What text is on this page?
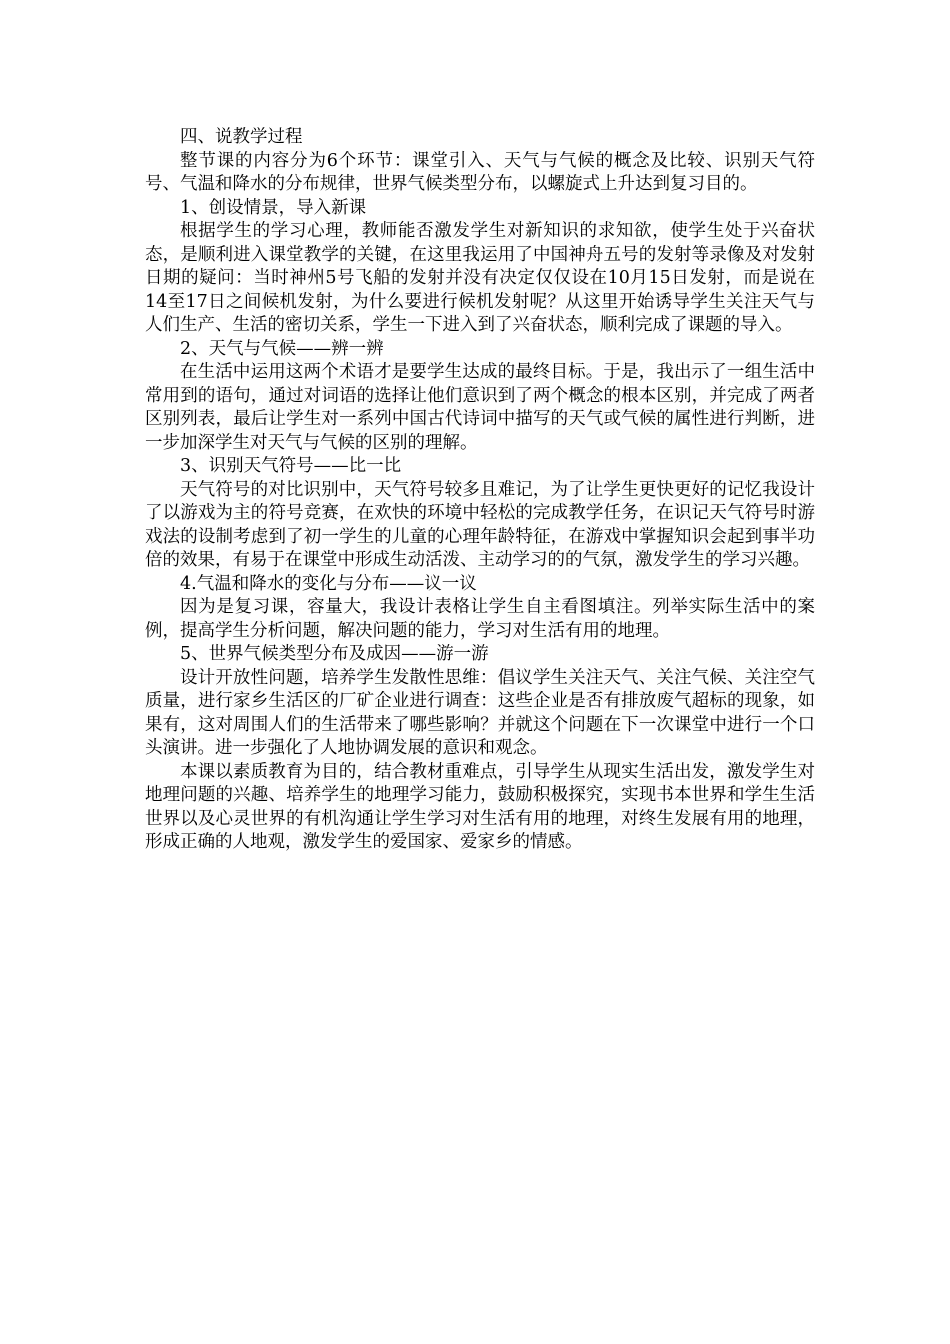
四、说教学过程

整节课的内容分为6个环节：课堂引入、天气与气候的概念及比较、识别天气符号、气温和降水的分布规律，世界气候类型分布，以螺旋式上升达到复习目的。

1、创设情景，导入新课

根据学生的学习心理，教师能否激发学生对新知识的求知欲，使学生处于兴奋状态，是顺利进入课堂教学的关键，在这里我运用了中国神舟五号的发射等录像及对发射日期的疑问：当时神州5号飞船的发射并没有决定仅仅设在10月15日发射，而是说在14至17日之间候机发射，为什么要进行候机发射呢？从这里开始诱导学生关注天气与人们生产、生活的密切关系，学生一下进入到了兴奋状态，顺利完成了课题的导入。

2、天气与气候——辨一辨

在生活中运用这两个术语才是要学生达成的最终目标。于是，我出示了一组生活中常用到的语句，通过对词语的选择让他们意识到了两个概念的根本区别，并完成了两者区别列表，最后让学生对一系列中国古代诗词中描写的天气或气候的属性进行判断，进一步加深学生对天气与气候的区别的理解。

3、识别天气符号——比一比

天气符号的对比识别中，天气符号较多且难记，为了让学生更快更好的记忆我设计了以游戏为主的符号竞赛，在欢快的环境中轻松的完成教学任务，在识记天气符号时游戏法的设制考虑到了初一学生的儿童的心理年龄特征，在游戏中掌握知识会起到事半功倍的效果，有易于在课堂中形成生动活泼、主动学习的的气氛，激发学生的学习兴趣。

4.气温和降水的变化与分布——议一议

因为是复习课，容量大，我设计表格让学生自主看图填注。列举实际生活中的案例，提高学生分析问题，解决问题的能力，学习对生活有用的地理。

5、世界气候类型分布及成因——游一游

设计开放性问题，培养学生发散性思维：倡议学生关注天气、关注气候、关注空气质量，进行家乡生活区的厂矿企业进行调查：这些企业是否有排放废气超标的现象，如果有，这对周围人们的生活带来了哪些影响？并就这个问题在下一次课堂中进行一个口头演讲。进一步强化了人地协调发展的意识和观念。

本课以素质教育为目的，结合教材重难点，引导学生从现实生活出发，激发学生对地理问题的兴趣、培养学生的地理学习能力，鼓励积极探究，实现书本世界和学生生活世界以及心灵世界的有机沟通让学生学习对生活有用的地理，对终生发展有用的地理，形成正确的人地观，激发学生的爱国家、爱家乡的情感。
